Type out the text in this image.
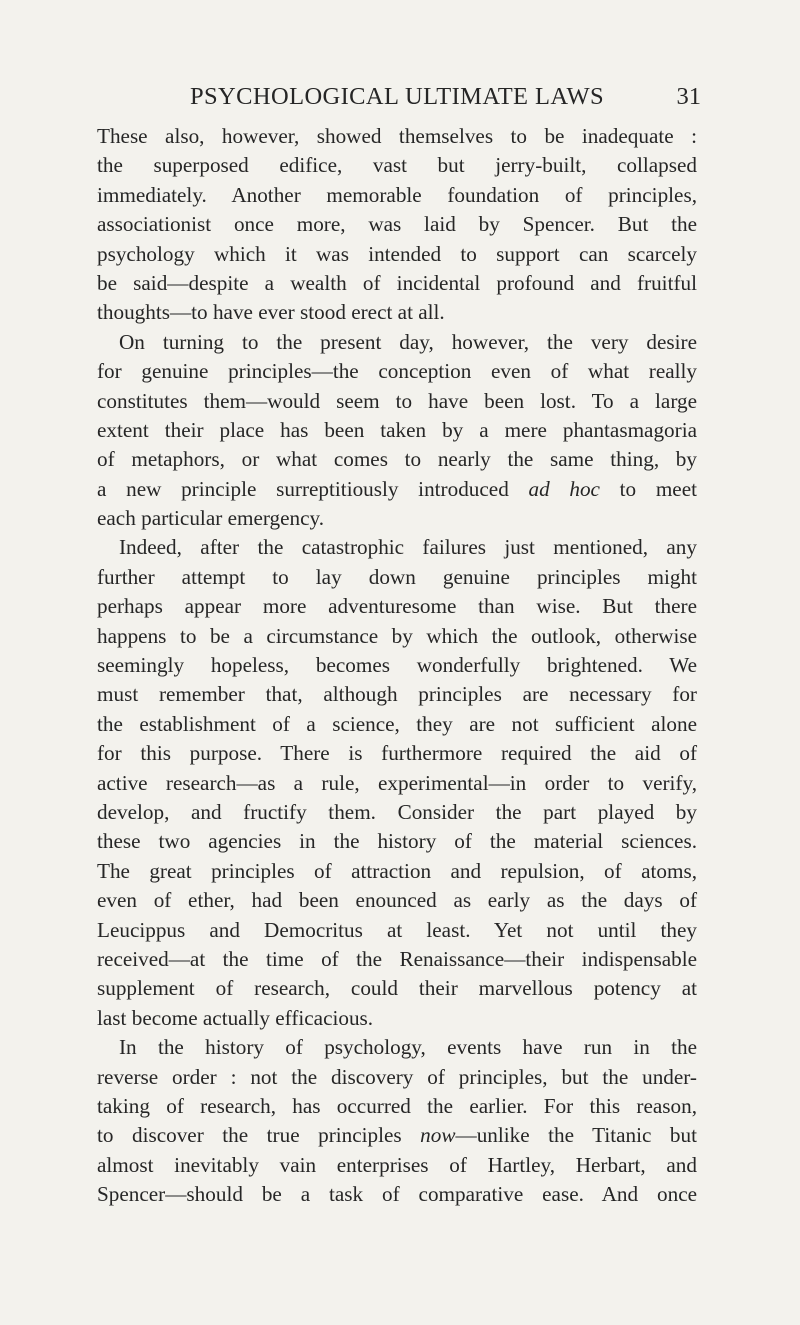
PSYCHOLOGICAL ULTIMATE LAWS	31
These also, however, showed themselves to be inadequate :
the superposed edifice, vast but jerry-built, collapsed
immediately. Another memorable foundation of principles,
associationist once more, was laid by Spencer. But the
psychology which it was intended to support can scarcely
be said—despite a wealth of incidental profound and fruitful
thoughts—to have ever stood erect at all.
On turning to the present day, however, the very desire
for genuine principles—the conception even of what really
constitutes them—would seem to have been lost. To a large
extent their place has been taken by a mere phantasmagoria
of metaphors, or what comes to nearly the same thing, by
a new principle surreptitiously introduced ad hoc to meet
each particular emergency.
Indeed, after the catastrophic failures just mentioned, any
further attempt to lay down genuine principles might
perhaps appear more adventuresome than wise. But there
happens to be a circumstance by which the outlook, otherwise
seemingly hopeless, becomes wonderfully brightened. We
must remember that, although principles are necessary for
the establishment of a science, they are not sufficient alone
for this purpose. There is furthermore required the aid of
active research—as a rule, experimental—in order to verify,
develop, and fructify them. Consider the part played by
these two agencies in the history of the material sciences.
The great principles of attraction and repulsion, of atoms,
even of ether, had been enounced as early as the days of
Leucippus and Democritus at least. Yet not until they
received—at the time of the Renaissance—their indispensable
supplement of research, could their marvellous potency at
last become actually efficacious.
In the history of psychology, events have run in the
reverse order : not the discovery of principles, but the under-
taking of research, has occurred the earlier. For this reason,
to discover the true principles now—unlike the Titanic but
almost inevitably vain enterprises of Hartley, Herbart, and
Spencer—should be a task of comparative ease. And once
